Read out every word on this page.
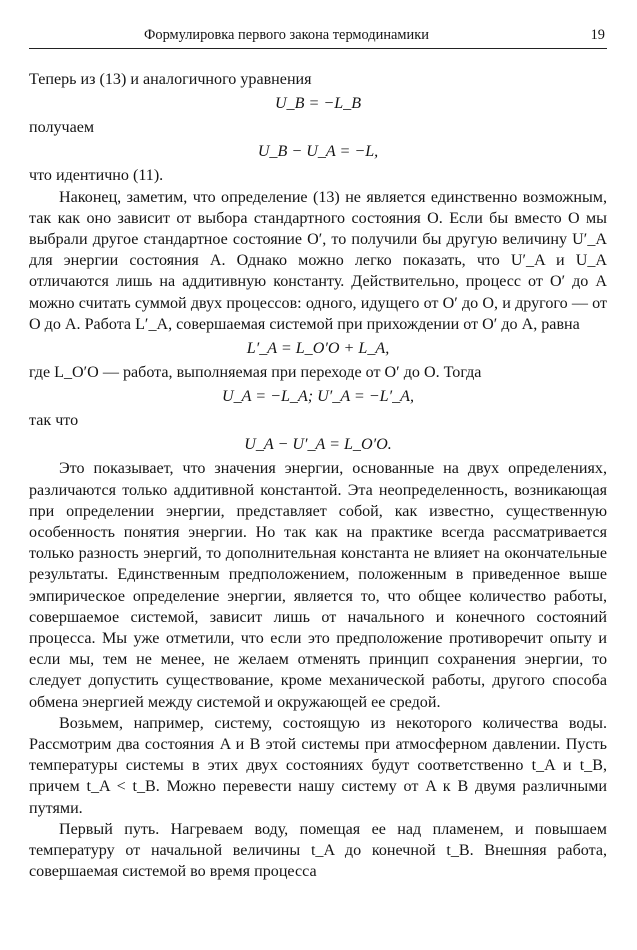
Формулировка первого закона термодинамики	19

Теперь из (13) и аналогичного уравнения

U_B = −L_B

получаем

U_B − U_A = −L,

что идентично (11).

Наконец, заметим, что определение (13) не является единственно возможным, так как оно зависит от выбора стандартного состояния O. Если бы вместо O мы выбрали другое стандартное состояние O′, то получили бы другую величину U′_A для энергии состояния A. Однако можно легко показать, что U′_A и U_A отличаются лишь на аддитивную константу. Действительно, процесс от O′ до A можно считать суммой двух процессов: одного, идущего от O′ до O, и другого — от O до A. Работа L′_A, совершаемая системой при прихождении от O′ до A, равна

L′_A = L_O′O + L_A,

где L_O′O — работа, выполняемая при переходе от O′ до O. Тогда

U_A = −L_A; U′_A = −L′_A,

так что

U_A − U′_A = L_O′O.

Это показывает, что значения энергии, основанные на двух определениях, различаются только аддитивной константой. Эта неопределенность, возникающая при определении энергии, представляет собой, как известно, существенную особенность понятия энергии. Но так как на практике всегда рассматривается только разность энергий, то дополнительная константа не влияет на окончательные результаты. Единственным предположением, положенным в приведенное выше эмпирическое определение энергии, является то, что общее количество работы, совершаемое системой, зависит лишь от начального и конечного состояний процесса. Мы уже отметили, что если это предположение противоречит опыту и если мы, тем не менее, не желаем отменять принцип сохранения энергии, то следует допустить существование, кроме механической работы, другого способа обмена энергией между системой и окружающей ее средой.

Возьмем, например, систему, состоящую из некоторого количества воды. Рассмотрим два состояния A и B этой системы при атмосферном давлении. Пусть температуры системы в этих двух состояниях будут соответственно t_A и t_B, причем t_A < t_B. Можно перевести нашу систему от A к B двумя различными путями.

Первый путь. Нагреваем воду, помещая ее над пламенем, и повышаем температуру от начальной величины t_A до конечной t_B. Внешняя работа, совершаемая системой во время процесса
